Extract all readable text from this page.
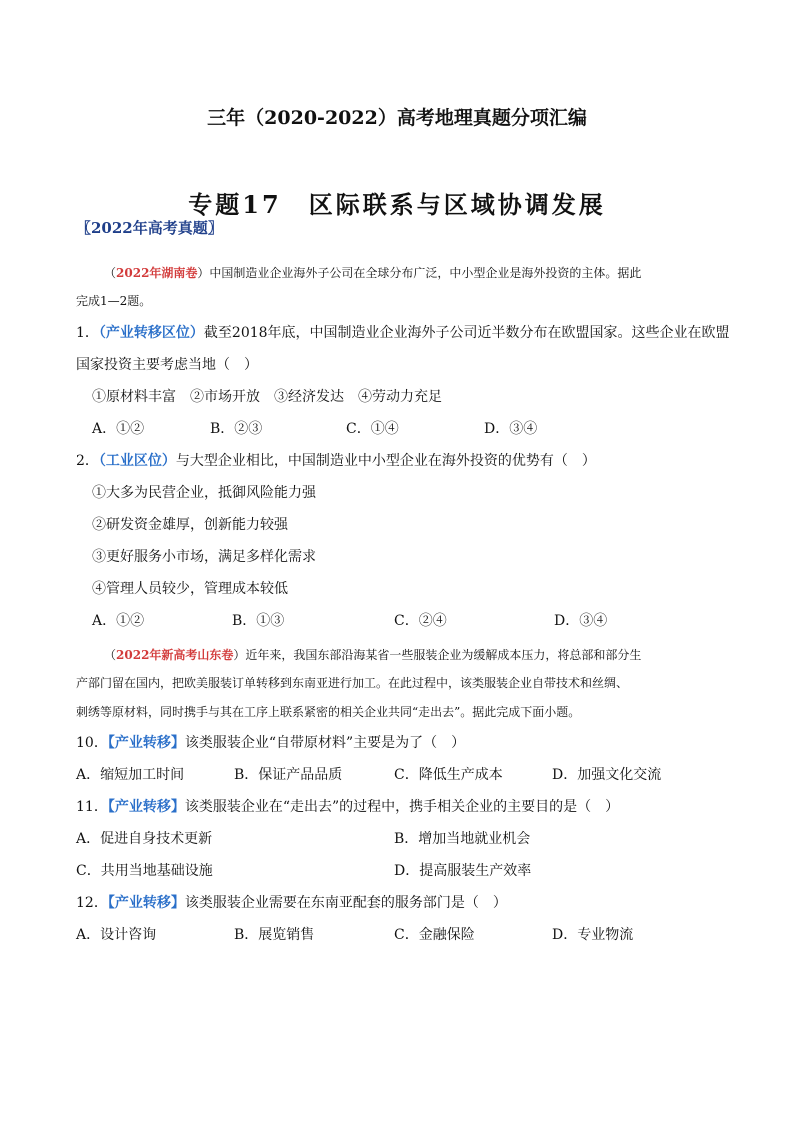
三年（2020-2022）高考地理真题分项汇编
专题17　区际联系与区域协调发展
〖2022年高考真题〗
（2022年湖南卷）中国制造业企业海外子公司在全球分布广泛，中小型企业是海外投资的主体。据此
完成1—2题。
1．（产业转移区位）截至2018年底，中国制造业企业海外子公司近半数分布在欧盟国家。这些企业在欧盟
国家投资主要考虑当地（　）
①原材料丰富　②市场开放　③经济发达　④劳动力充足
A．①②	B．②③	C．①④	D．③④
2．（工业区位）与大型企业相比，中国制造业中小型企业在海外投资的优势有（　）
①大多为民营企业，抵御风险能力强
②研发资金雄厚，创新能力较强
③更好服务小市场，满足多样化需求
④管理人员较少，管理成本较低
A．①②	B．①③	C．②④	D．③④
（2022年新高考山东卷）近年来，我国东部沿海某省一些服装企业为缓解成本压力，将总部和部分生
产部门留在国内，把欧美服装订单转移到东南亚进行加工。在此过程中，该类服装企业自带技术和丝绸、
刺绣等原材料，同时携手与其在工序上联系紧密的相关企业共同“走出去”。据此完成下面小题。
10．【产业转移】该类服装企业“自带原材料”主要是为了（　）
A．缩短加工时间	B．保证产品品质	C．降低生产成本	D．加强文化交流
11．【产业转移】该类服装企业在“走出去”的过程中，携手相关企业的主要目的是（　）
A．促进自身技术更新	B．增加当地就业机会
C．共用当地基础设施	D．提高服装生产效率
12．【产业转移】该类服装企业需要在东南亚配套的服务部门是（　）
A．设计咨询	B．展览销售	C．金融保险	D．专业物流
